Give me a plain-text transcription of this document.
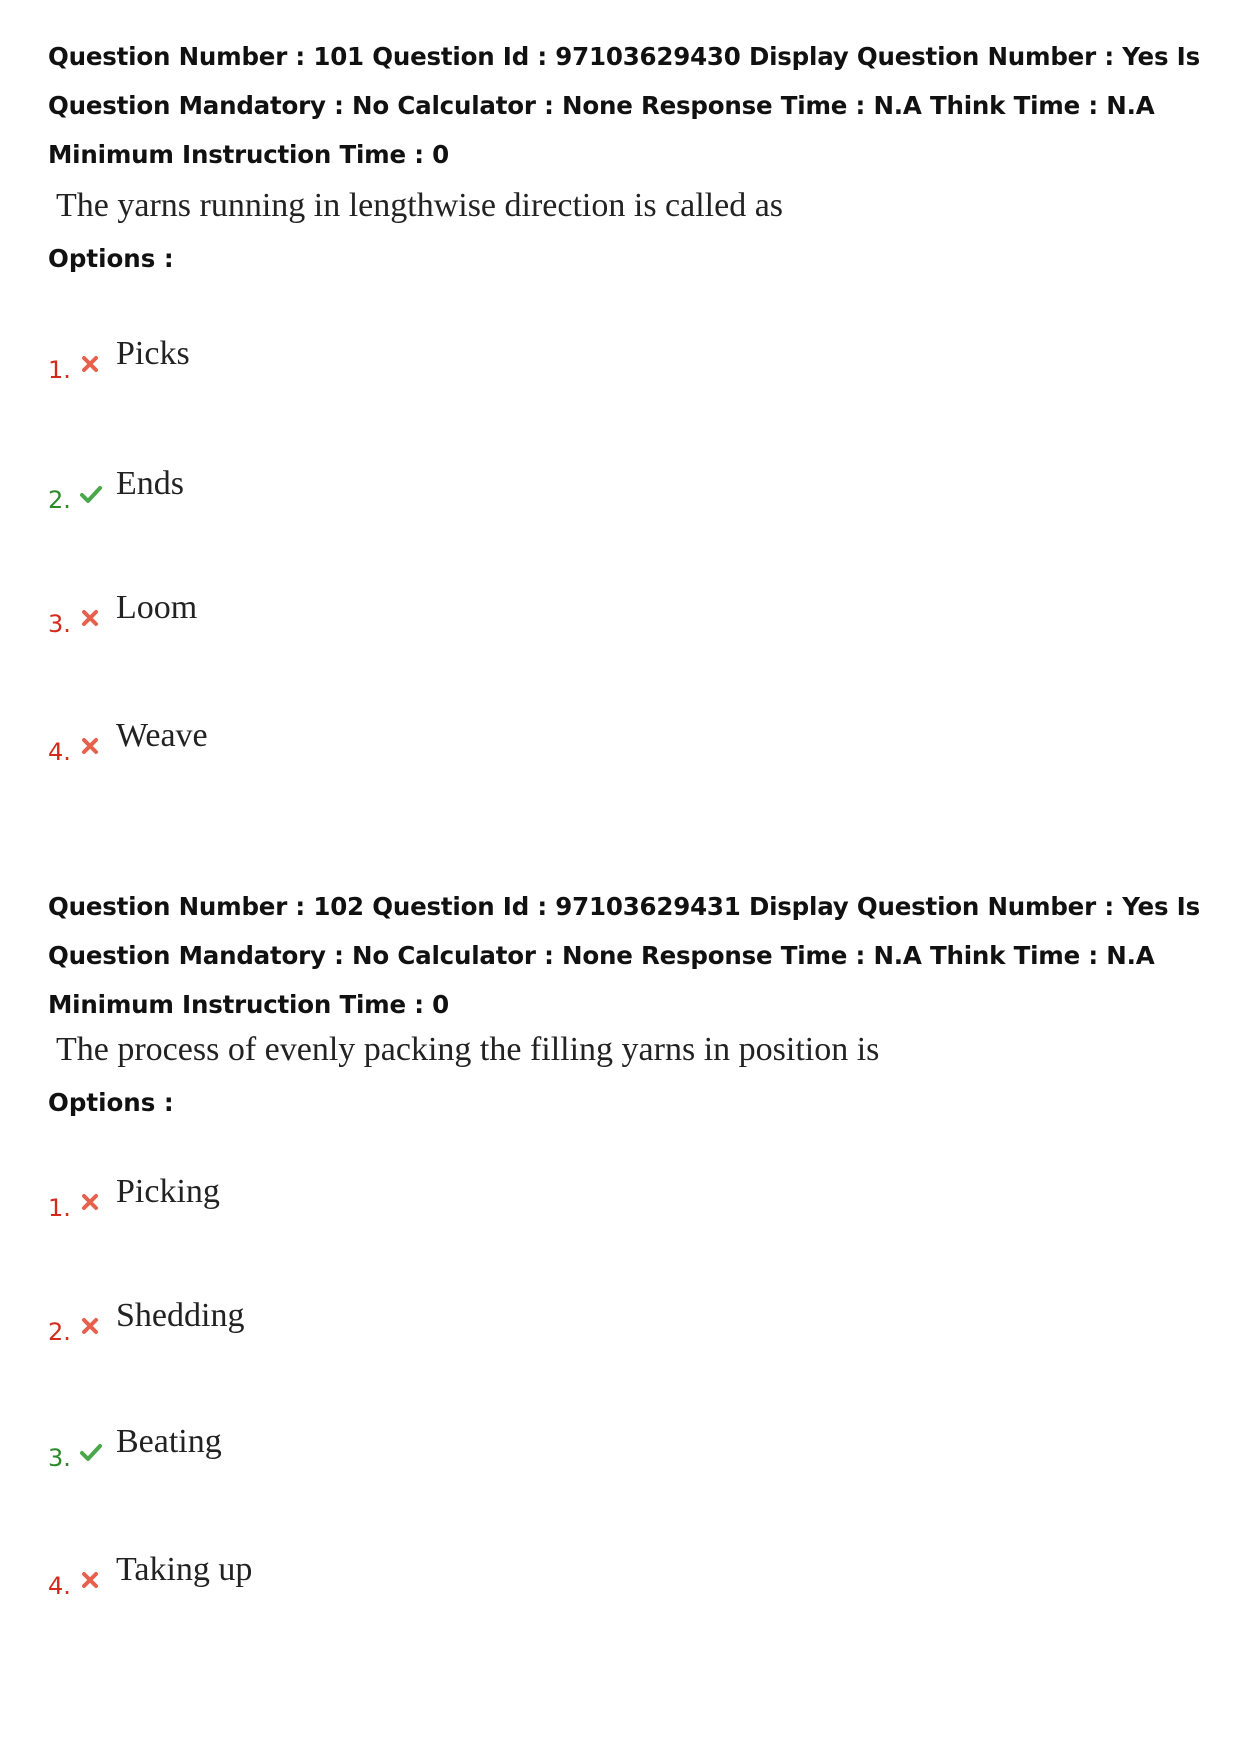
Question Number : 101 Question Id : 97103629430 Display Question Number : Yes Is Question Mandatory : No Calculator : None Response Time : N.A Think Time : N.A Minimum Instruction Time : 0

The yarns running in lengthwise direction is called as

Options :

1. Picks
2. Ends
3. Loom
4. Weave

Question Number : 102 Question Id : 97103629431 Display Question Number : Yes Is Question Mandatory : No Calculator : None Response Time : N.A Think Time : N.A Minimum Instruction Time : 0

The process of evenly packing the filling yarns in position is

Options :

1. Picking
2. Shedding
3. Beating
4. Taking up
